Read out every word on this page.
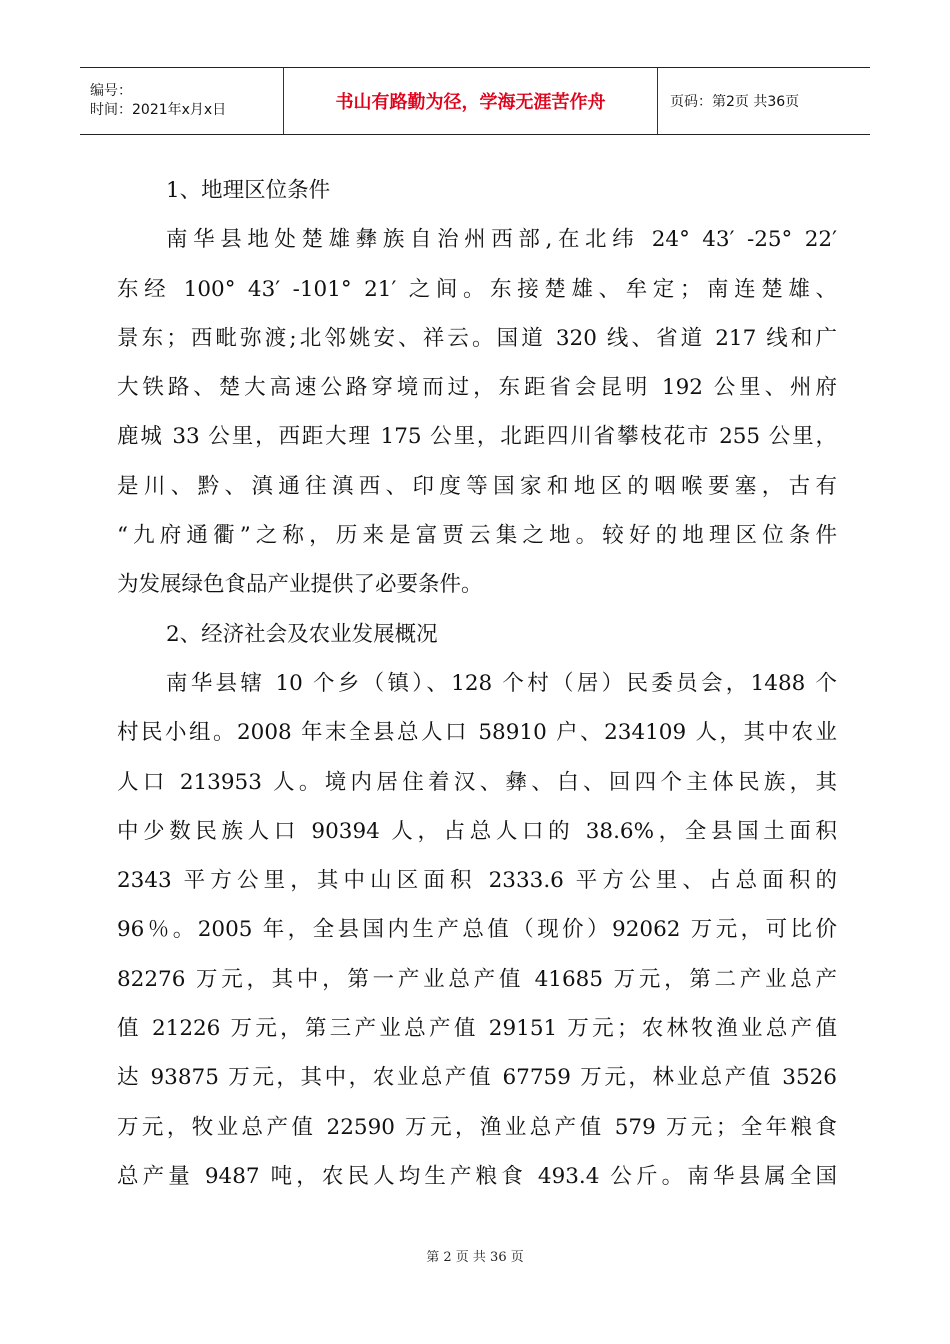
编号：
时间：2021年x月x日	书山有路勤为径，学海无涯苦作舟	页码：第2页 共36页
1、地理区位条件
南华县地处楚雄彝族自治州西部,在北纬 24° 43′ -25° 22′
东经 100° 43′ -101° 21′ 之间。东接楚雄、牟定；南连楚雄、
景东；西毗弥渡;北邻姚安、祥云。国道 320 线、省道 217 线和广
大铁路、楚大高速公路穿境而过，东距省会昆明 192 公里、州府
鹿城 33 公里，西距大理 175 公里，北距四川省攀枝花市 255 公里，
是川、黔、滇通往滇西、印度等国家和地区的咽喉要塞，古有
“九府通衢”之称，历来是富贾云集之地。较好的地理区位条件
为发展绿色食品产业提供了必要条件。
2、经济社会及农业发展概况
南华县辖 10 个乡（镇）、128 个村（居）民委员会，1488 个
村民小组。2008 年末全县总人口 58910 户、234109 人，其中农业
人口 213953 人。境内居住着汉、彝、白、回四个主体民族，其
中少数民族人口 90394 人，占总人口的 38.6%，全县国土面积
2343 平方公里，其中山区面积 2333.6 平方公里、占总面积的
96％。2005 年，全县国内生产总值（现价）92062 万元，可比价
82276 万元，其中，第一产业总产值 41685 万元，第二产业总产
值 21226 万元，第三产业总产值 29151 万元；农林牧渔业总产值
达 93875 万元，其中，农业总产值 67759 万元，林业总产值 3526
万元，牧业总产值 22590 万元，渔业总产值 579 万元；全年粮食
总产量 9487 吨，农民人均生产粮食 493.4 公斤。南华县属全国
第 2 页 共 36 页
